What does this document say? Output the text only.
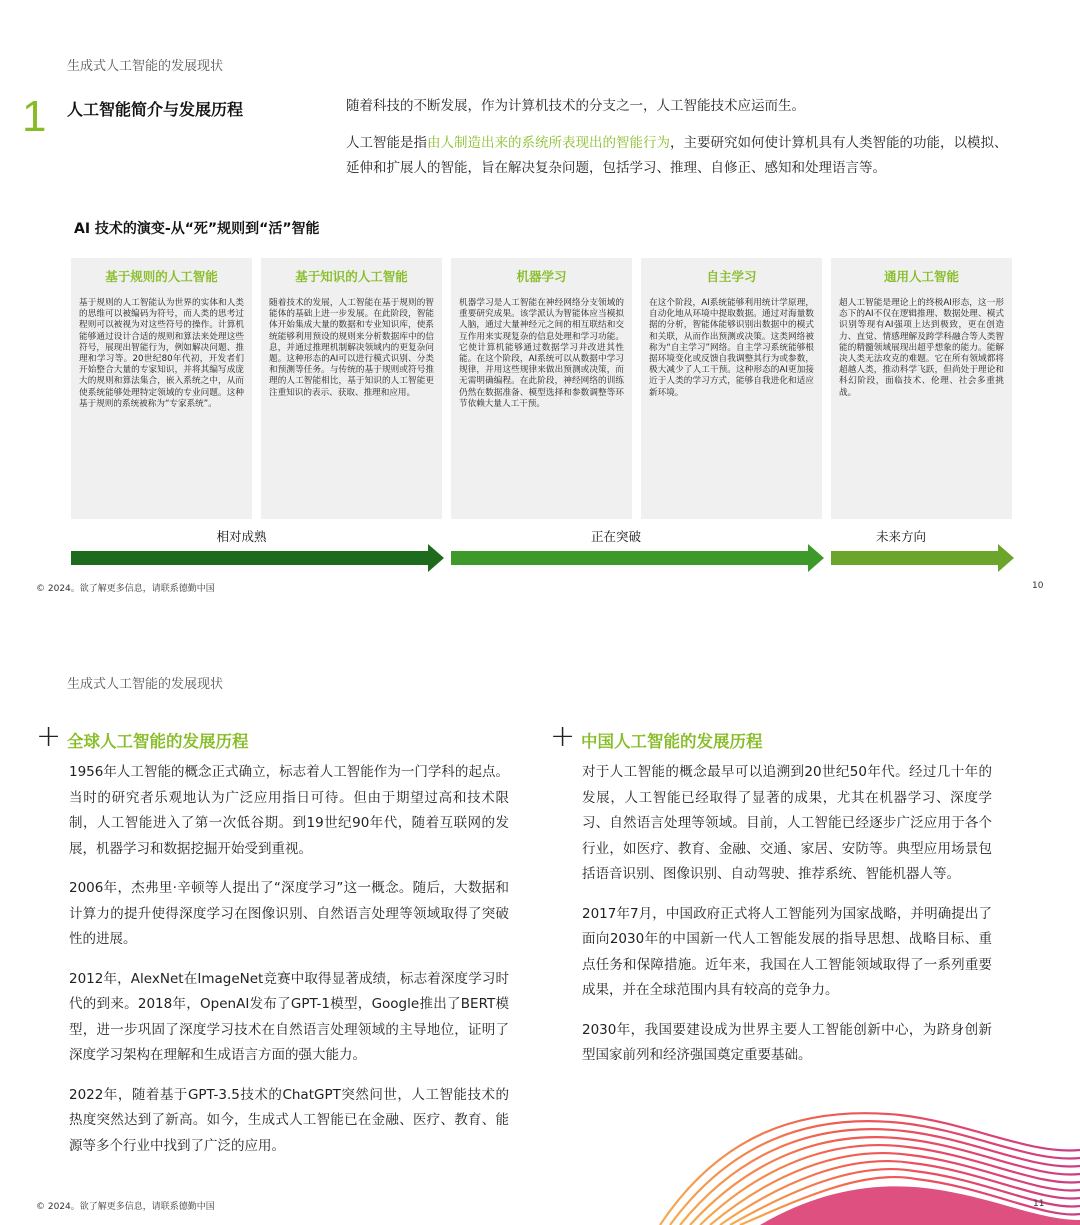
生成式人工智能的发展现状
1 人工智能简介与发展历程	随着科技的不断发展，作为计算机技术的分支之一，人工智能技术应运而生。

人工智能是指由人制造出来的系统所表现出的智能行为，主要研究如何使计算机具有人类智能的功能，以模拟、延伸和扩展人的智能，旨在解决复杂问题，包括学习、推理、自修正、感知和处理语言等。

AI 技术的演变-从“死”规则到“活”智能
基于规则的人工智能

基于规则的人工智能认为世界的实体和人类的思维可以被编码为符号，而人类的思考过程则可以被视为对这些符号的操作。计算机能够通过设计合适的规则和算法来处理这些符号，展现出智能行为，例如解决问题、推理和学习等。20世纪80年代初，开发者们开始整合大量的专家知识，并将其编写成庞大的规则和算法集合，嵌入系统之中，从而使系统能够处理特定领域的专业问题。这种基于规则的系统被称为“专家系统”。

基于知识的人工智能

随着技术的发展，人工智能在基于规则的智能体的基础上进一步发展。在此阶段，智能体开始集成大量的数据和专业知识库，使系统能够利用预设的规则来分析数据库中的信息，并通过推理机制解决领域内的更复杂问题。这种形态的AI可以进行模式识别、分类和预测等任务。与传统的基于规则或符号推理的人工智能相比，基于知识的人工智能更注重知识的表示、获取、推理和应用。

机器学习

机器学习是人工智能在神经网络分支领域的重要研究成果。该学派认为智能体应当模拟人脑，通过大量神经元之间的相互联结和交互作用来实现复杂的信息处理和学习功能。它使计算机能够通过数据学习并改进其性能。在这个阶段，AI系统可以从数据中学习规律，并用这些规律来做出预测或决策，而无需明确编程。在此阶段，神经网络的训练仍然在数据准备、模型选择和参数调整等环节依赖大量人工干预。

自主学习

在这个阶段，AI系统能够利用统计学原理，自动化地从环境中提取数据。通过对海量数据的分析，智能体能够识别出数据中的模式和关联，从而作出预测或决策。这类网络被称为“自主学习”网络。自主学习系统能够根据环境变化或反馈自我调整其行为或参数，极大减少了人工干预。这种形态的AI更加接近于人类的学习方式，能够自我进化和适应新环境。

通用人工智能

超人工智能是理论上的终极AI形态，这一形态下的AI不仅在逻辑推理、数据处理、模式识别等现有AI强项上达到极致，更在创造力、直觉、情感理解及跨学科融合等人类智能的精髓领域展现出超乎想象的能力。能解决人类无法攻克的难题。它在所有领域都将超越人类，推动科学飞跃，但尚处于理论和科幻阶段，面临技术、伦理、社会多重挑战。

相对成熟	正在突破	未来方向
© 2024。欲了解更多信息，请联系德勤中国	10
生成式人工智能的发展现状
+ 全球人工智能的发展历程

1956年人工智能的概念正式确立，标志着人工智能作为一门学科的起点。当时的研究者乐观地认为广泛应用指日可待。但由于期望过高和技术限制，人工智能进入了第一次低谷期。到19世纪90年代，随着互联网的发展，机器学习和数据挖掘开始受到重视。

2006年，杰弗里·辛顿等人提出了“深度学习”这一概念。随后，大数据和计算力的提升使得深度学习在图像识别、自然语言处理等领域取得了突破性的进展。

2012年，AlexNet在ImageNet竞赛中取得显著成绩，标志着深度学习时代的到来。2018年，OpenAI发布了GPT-1模型，Google推出了BERT模型，进一步巩固了深度学习技术在自然语言处理领域的主导地位，证明了深度学习架构在理解和生成语言方面的强大能力。

2022年，随着基于GPT-3.5技术的ChatGPT突然问世，人工智能技术的热度突然达到了新高。如今，生成式人工智能已在金融、医疗、教育、能源等多个行业中找到了广泛的应用。

+ 中国人工智能的发展历程

对于人工智能的概念最早可以追溯到20世纪50年代。经过几十年的发展，人工智能已经取得了显著的成果，尤其在机器学习、深度学习、自然语言处理等领域。目前，人工智能已经逐步广泛应用于各个行业，如医疗、教育、金融、交通、家居、安防等。典型应用场景包括语音识别、图像识别、自动驾驶、推荐系统、智能机器人等。

2017年7月，中国政府正式将人工智能列为国家战略，并明确提出了面向2030年的中国新一代人工智能发展的指导思想、战略目标、重点任务和保障措施。近年来，我国在人工智能领域取得了一系列重要成果，并在全球范围内具有较高的竞争力。

2030年，我国要建设成为世界主要人工智能创新中心，为跻身创新型国家前列和经济强国奠定重要基础。

© 2024。欲了解更多信息，请联系德勤中国	11
